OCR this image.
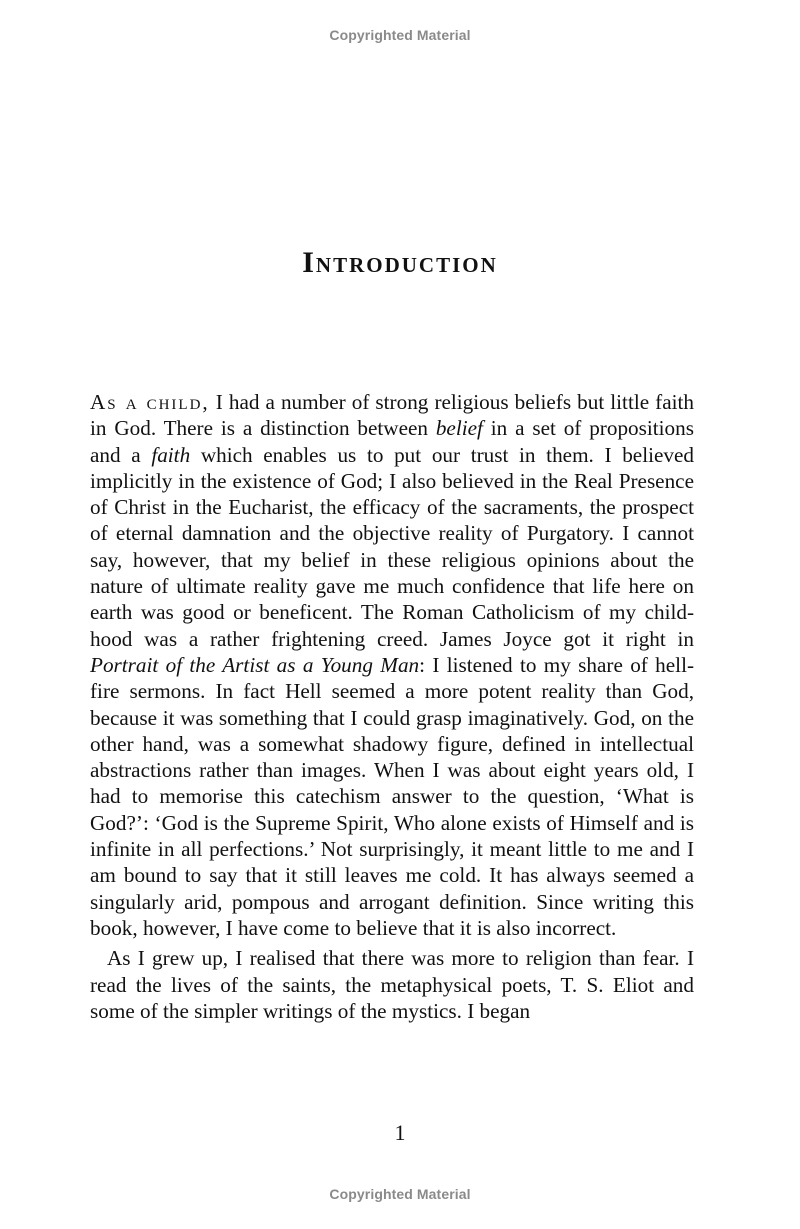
Copyrighted Material
Introduction

As a child, I had a number of strong religious beliefs but little faith in God. There is a distinction between belief in a set of propositions and a faith which enables us to put our trust in them. I believed implicitly in the existence of God; I also believed in the Real Presence of Christ in the Eucharist, the efficacy of the sacraments, the prospect of eternal damnation and the objective reality of Purgatory. I cannot say, however, that my belief in these religious opinions about the nature of ultimate reality gave me much confidence that life here on earth was good or beneficent. The Roman Catholicism of my childhood was a rather frightening creed. James Joyce got it right in Portrait of the Artist as a Young Man: I listened to my share of hell-fire sermons. In fact Hell seemed a more potent reality than God, because it was something that I could grasp imaginatively. God, on the other hand, was a somewhat shadowy figure, defined in intellectual abstractions rather than images. When I was about eight years old, I had to memorise this catechism answer to the question, ‘What is God?’: ‘God is the Supreme Spirit, Who alone exists of Himself and is infinite in all perfections.’ Not surprisingly, it meant little to me and I am bound to say that it still leaves me cold. It has always seemed a singularly arid, pompous and arrogant definition. Since writing this book, however, I have come to believe that it is also incorrect.

As I grew up, I realised that there was more to religion than fear. I read the lives of the saints, the metaphysical poets, T. S. Eliot and some of the simpler writings of the mystics. I began

1
Copyrighted Material
